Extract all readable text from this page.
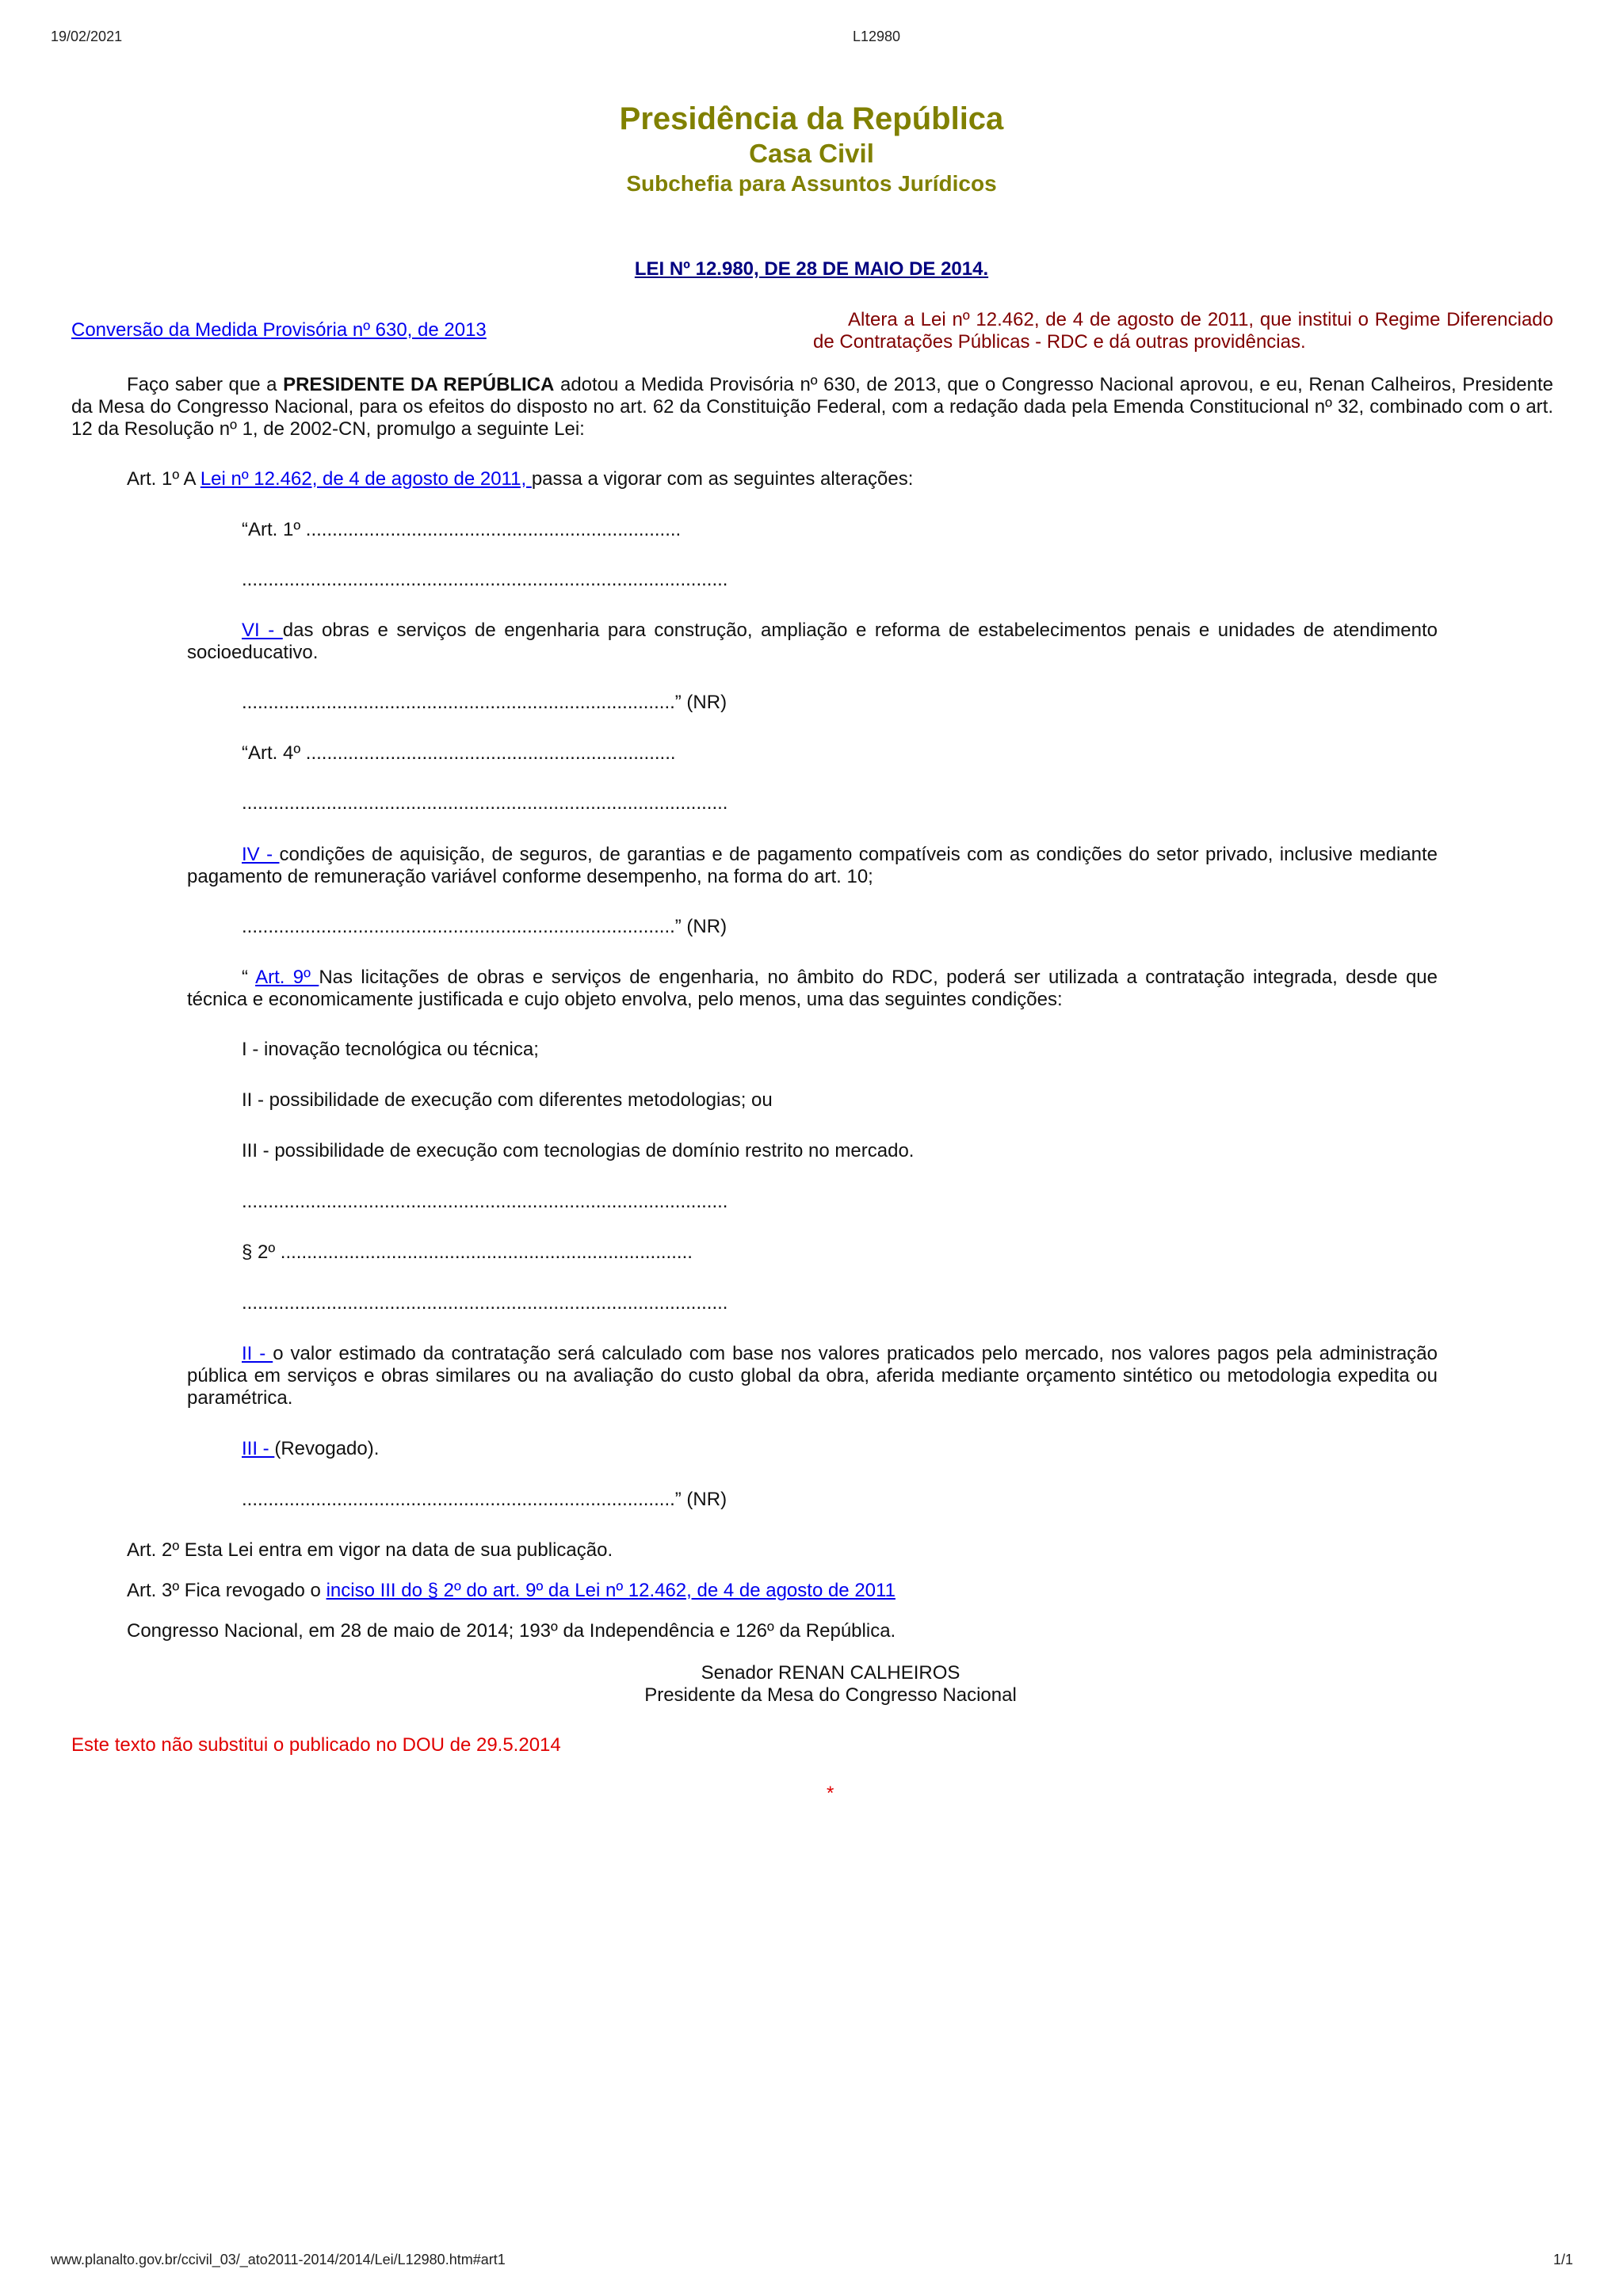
19/02/2021	L12980
Presidência da República
Casa Civil
Subchefia para Assuntos Jurídicos
LEI Nº 12.980, DE 28 DE MAIO DE 2014.
Conversão da Medida Provisória nº 630, de 2013	Altera a Lei nº 12.462, de 4 de agosto de 2011, que institui o Regime Diferenciado de Contratações Públicas - RDC e dá outras providências.
Faço saber que a PRESIDENTE DA REPÚBLICA adotou a Medida Provisória nº 630, de 2013, que o Congresso Nacional aprovou, e eu, Renan Calheiros, Presidente da Mesa do Congresso Nacional, para os efeitos do disposto no art. 62 da Constituição Federal, com a redação dada pela Emenda Constitucional nº 32, combinado com o art. 12 da Resolução nº 1, de 2002-CN, promulgo a seguinte Lei:
Art. 1º A Lei nº 12.462, de 4 de agosto de 2011, passa a vigorar com as seguintes alterações:
“Art. 1º .......................................................................
............................................................................................
VI - das obras e serviços de engenharia para construção, ampliação e reforma de estabelecimentos penais e unidades de atendimento socioeducativo.
..................................................................................” (NR)
“Art. 4º ......................................................................
............................................................................................
IV - condições de aquisição, de seguros, de garantias e de pagamento compatíveis com as condições do setor privado, inclusive mediante pagamento de remuneração variável conforme desempenho, na forma do art. 10;
..................................................................................” (NR)
“ Art. 9º Nas licitações de obras e serviços de engenharia, no âmbito do RDC, poderá ser utilizada a contratação integrada, desde que técnica e economicamente justificada e cujo objeto envolva, pelo menos, uma das seguintes condições:
I - inovação tecnológica ou técnica;
II - possibilidade de execução com diferentes metodologias; ou
III - possibilidade de execução com tecnologias de domínio restrito no mercado.
............................................................................................
§ 2º ..............................................................................
............................................................................................
II - o valor estimado da contratação será calculado com base nos valores praticados pelo mercado, nos valores pagos pela administração pública em serviços e obras similares ou na avaliação do custo global da obra, aferida mediante orçamento sintético ou metodologia expedita ou paramétrica.
III - (Revogado).
..................................................................................” (NR)
Art. 2º Esta Lei entra em vigor na data de sua publicação.
Art. 3º Fica revogado o inciso III do § 2º do art. 9º da Lei nº 12.462, de 4 de agosto de 2011
Congresso Nacional, em 28 de maio de 2014; 193º da Independência e 126º da República.
Senador RENAN CALHEIROS
Presidente da Mesa do Congresso Nacional
Este texto não substitui o publicado no DOU de 29.5.2014
*
www.planalto.gov.br/ccivil_03/_ato2011-2014/2014/Lei/L12980.htm#art1	1/1
